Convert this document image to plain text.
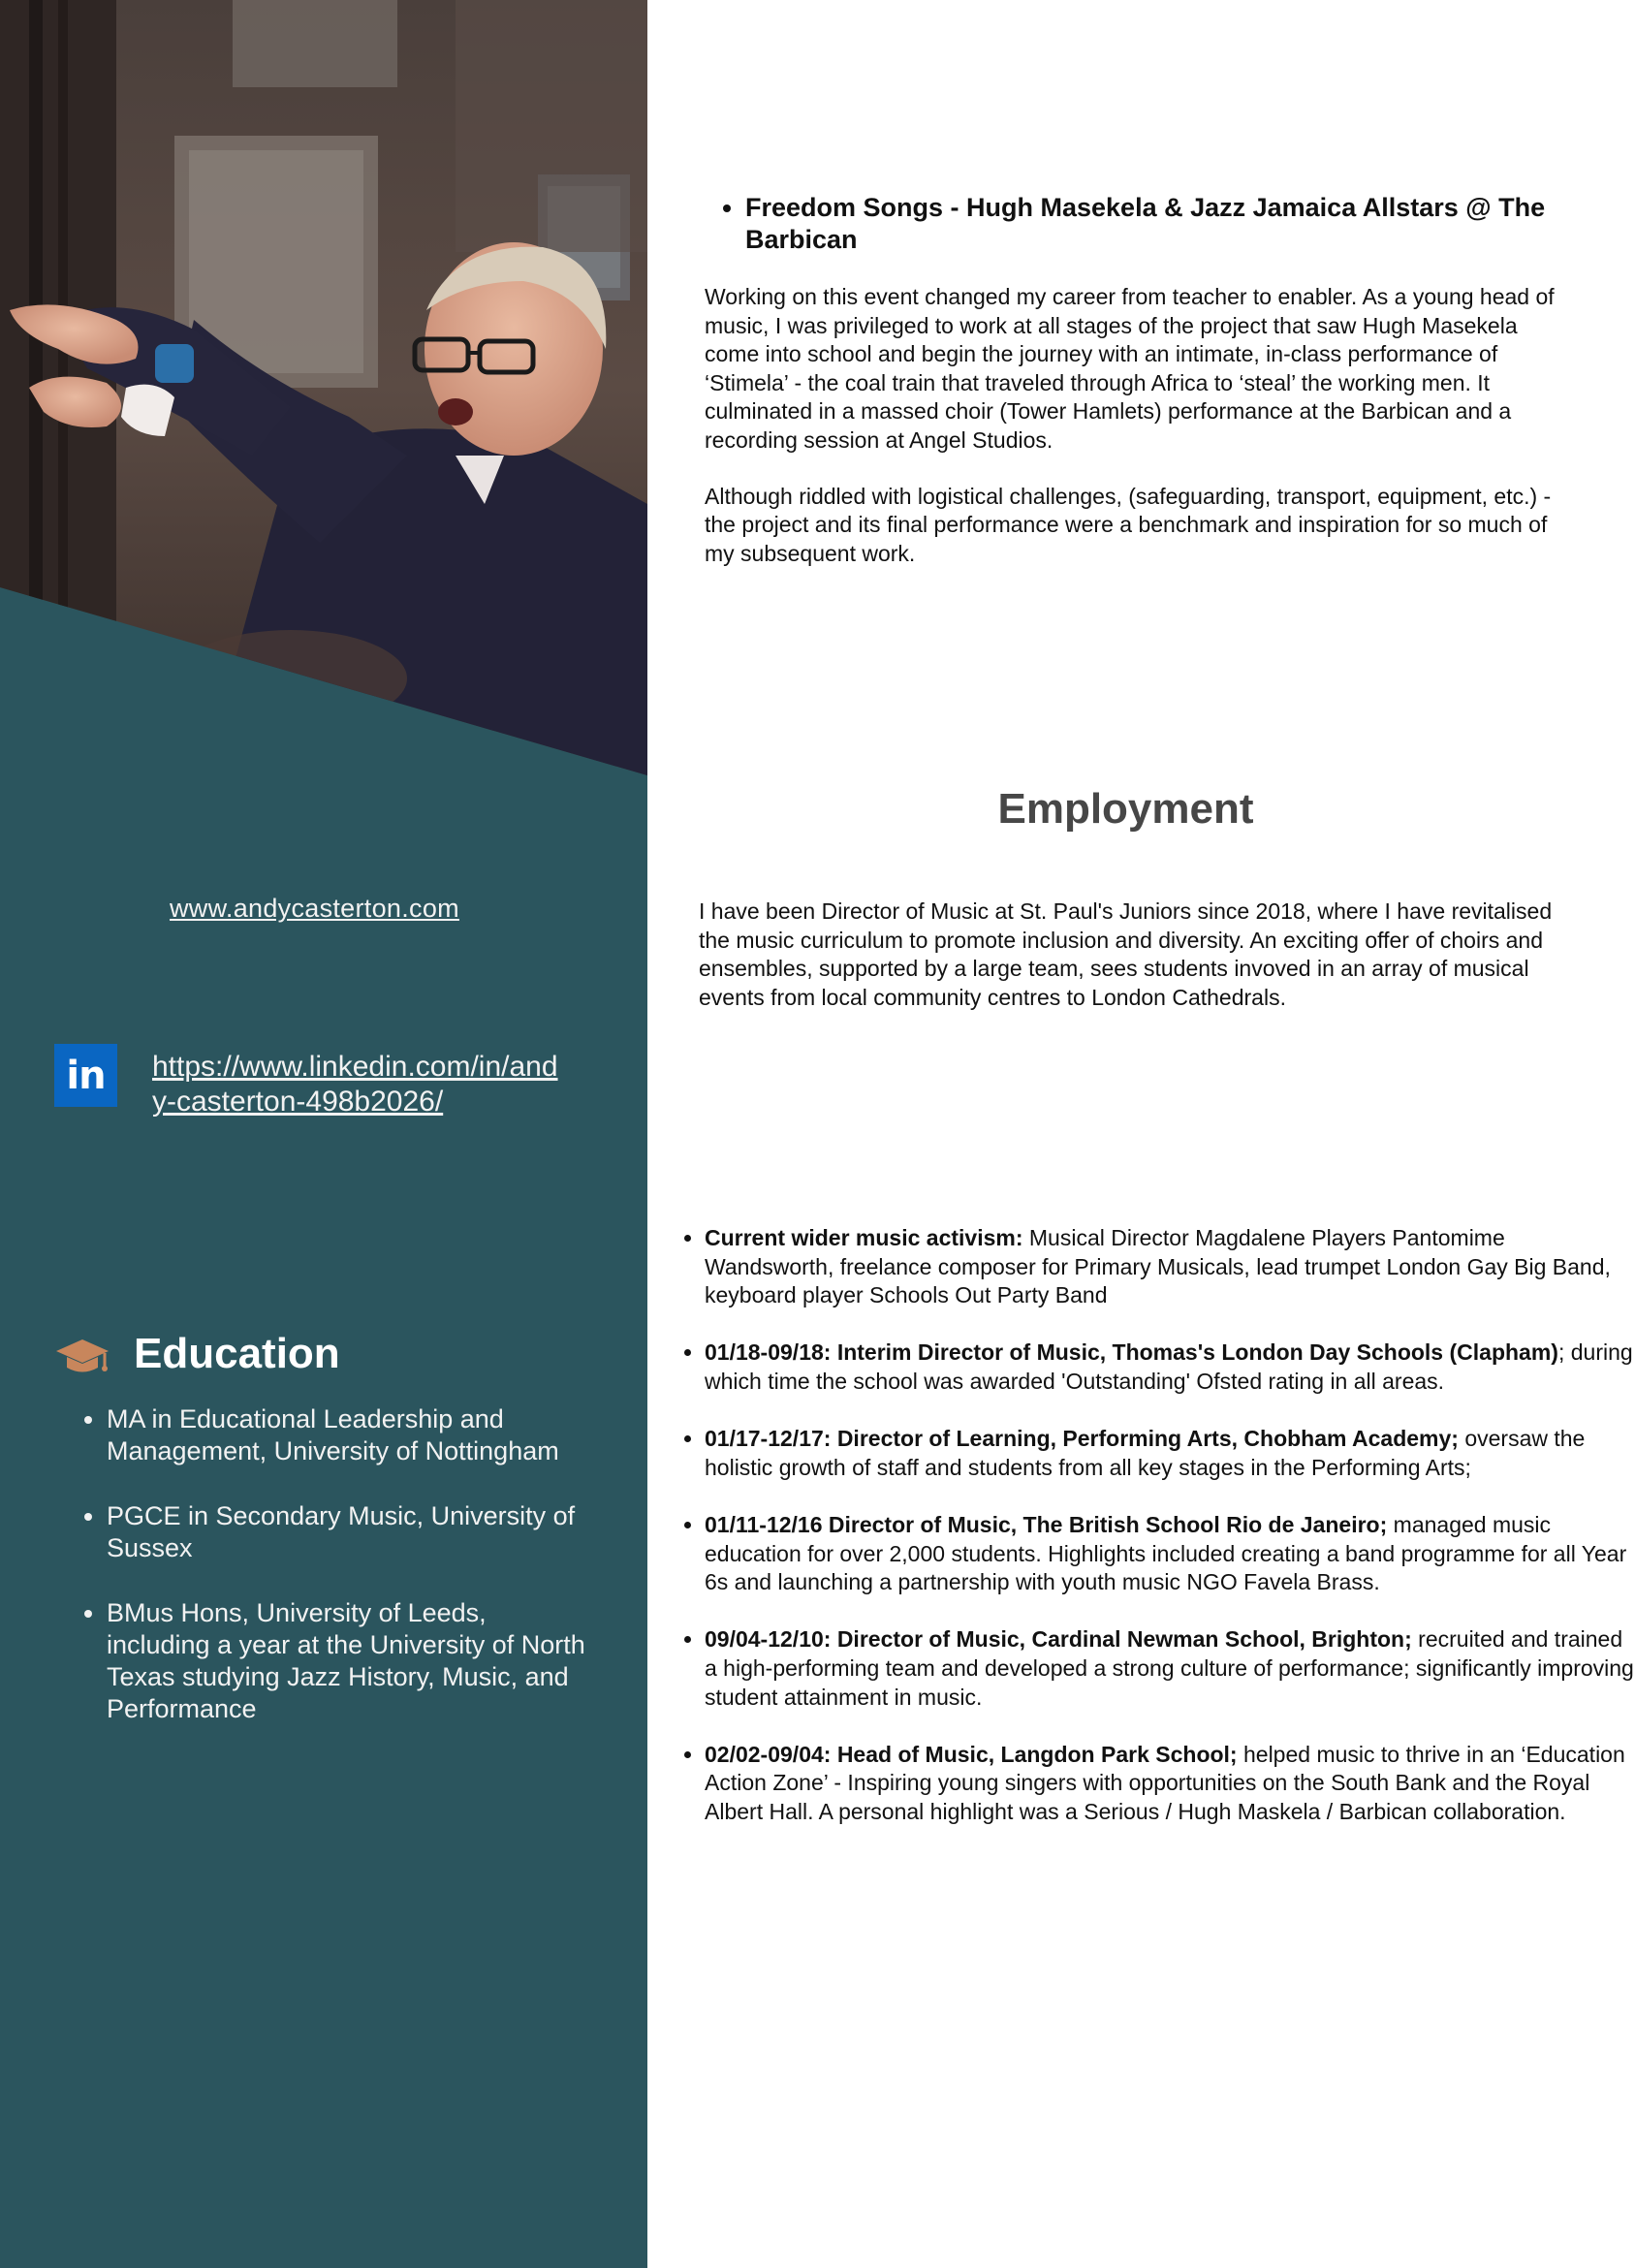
www.andycasterton.com
in	https://www.linkedin.com/in/andy-casterton-498b2026/
Education
• MA in Educational Leadership and Management, University of Nottingham
• PGCE in Secondary Music, University of Sussex
• BMus Hons, University of Leeds, including a year at the University of North Texas studying Jazz History, Music, and Performance
• Freedom Songs - Hugh Masekela & Jazz Jamaica Allstars @ The Barbican

Working on this event changed my career from teacher to enabler. As a young head of music, I was privileged to work at all stages of the project that saw Hugh Masekela come into school and begin the journey with an intimate, in-class performance of ‘Stimela’ - the coal train that traveled through Africa to ‘steal’ the working men. It culminated in a massed choir (Tower Hamlets) performance at the Barbican and a recording session at Angel Studios.

Although riddled with logistical challenges, (safeguarding, transport, equipment, etc.) - the project and its final performance were a benchmark and inspiration for so much of my subsequent work.

Employment

I have been Director of Music at St. Paul's Juniors since 2018, where I have revitalised the music curriculum to promote inclusion and diversity. An exciting offer of choirs and ensembles, supported by a large team, sees students invoved in an array of musical events from local community centres to London Cathedrals.

• Current wider music activism: Musical Director Magdalene Players Pantomime Wandsworth, freelance composer for Primary Musicals, lead trumpet London Gay Big Band, keyboard player Schools Out Party Band
• 01/18-09/18: Interim Director of Music, Thomas's London Day Schools (Clapham); during which time the school was awarded 'Outstanding' Ofsted rating in all areas.
• 01/17-12/17: Director of Learning, Performing Arts, Chobham Academy; oversaw the holistic growth of staff and students from all key stages in the Performing Arts;
• 01/11-12/16 Director of Music, The British School Rio de Janeiro; managed music education for over 2,000 students. Highlights included creating a band programme for all Year 6s and launching a partnership with youth music NGO Favela Brass.
• 09/04-12/10: Director of Music, Cardinal Newman School, Brighton; recruited and trained a high-performing team and developed a strong culture of performance; significantly improving student attainment in music.
• 02/02-09/04: Head of Music, Langdon Park School; helped music to thrive in an ‘Education Action Zone’ - Inspiring young singers with opportunities on the South Bank and the Royal Albert Hall. A personal highlight was a Serious / Hugh Maskela / Barbican collaboration.
